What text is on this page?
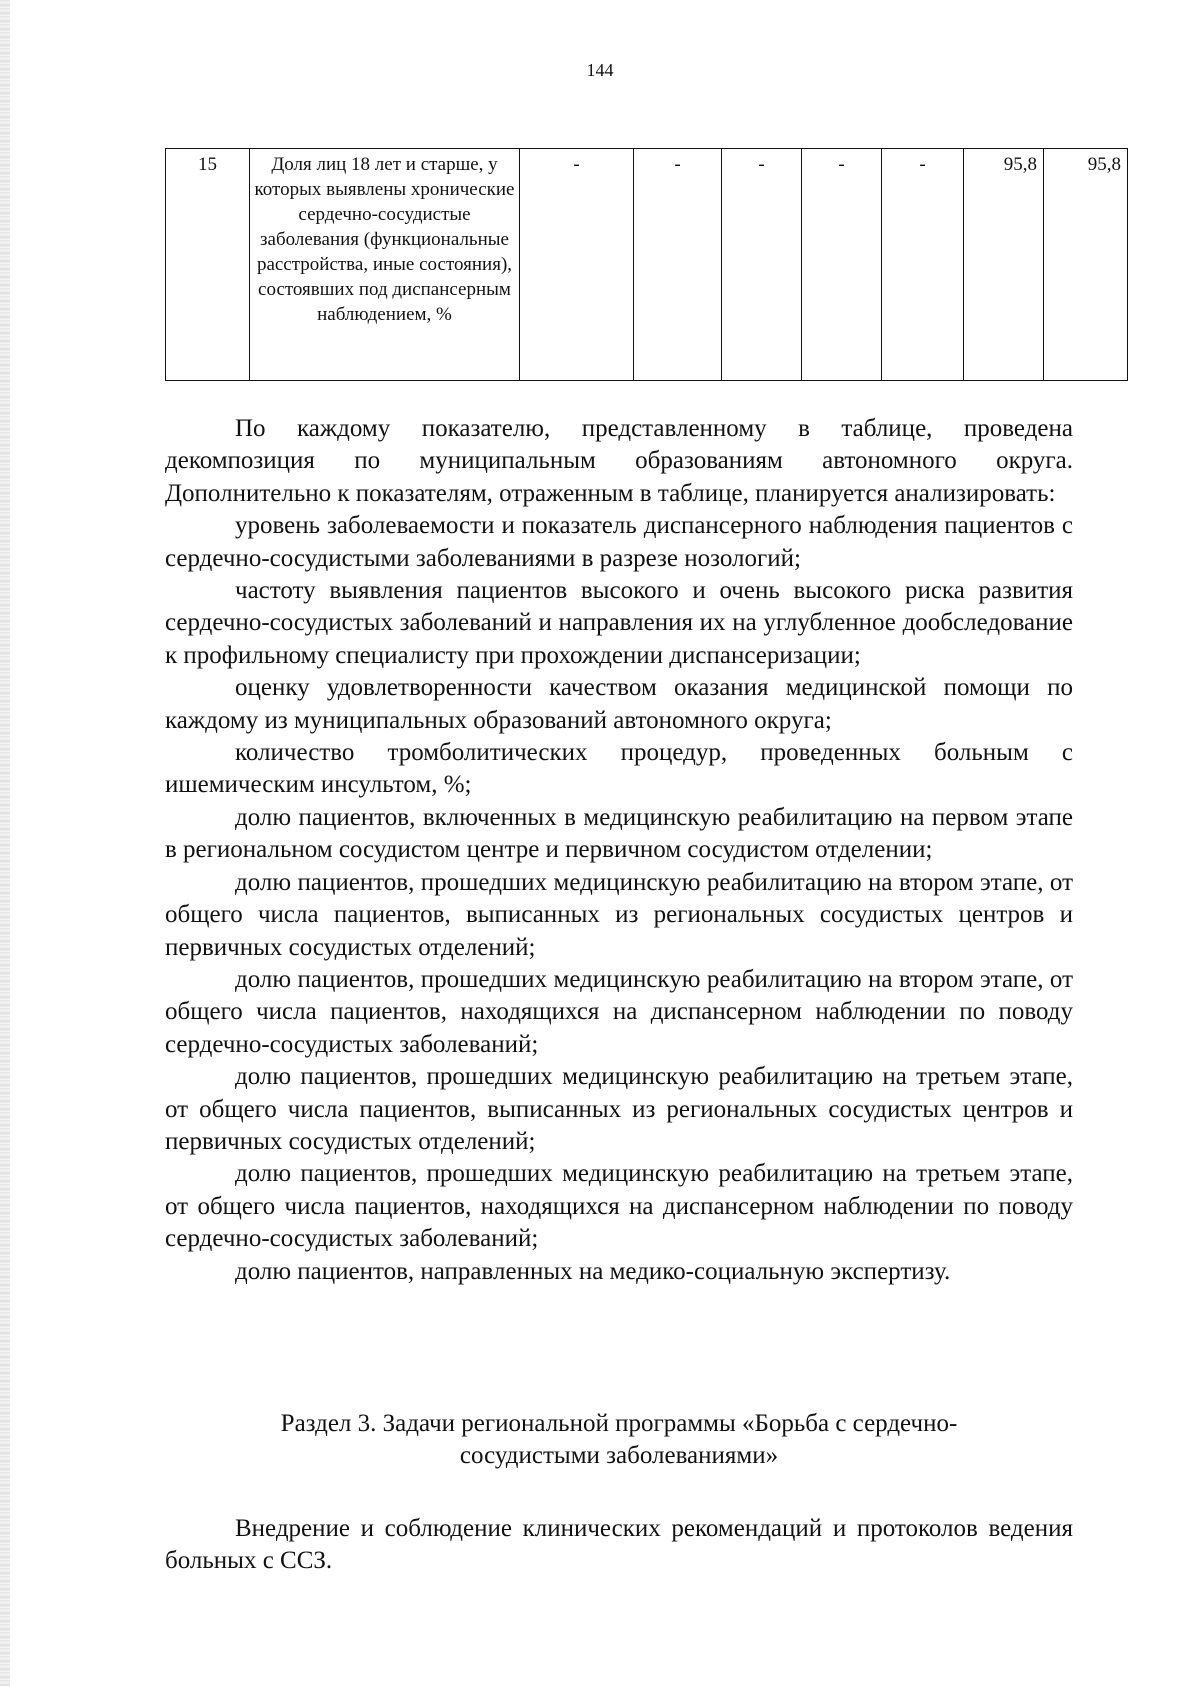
144
15	Доля лиц 18 лет и старше, у которых выявлены хронические сердечно-сосудистые заболевания (функциональные расстройства, иные состояния), состоявших под диспансерным наблюдением, %	-	-	-	-	-	95,8	95,8

По каждому показателю, представленному в таблице, проведена декомпозиция по муниципальным образованиям автономного округа. Дополнительно к показателям, отраженным в таблице, планируется анализировать:

уровень заболеваемости и показатель диспансерного наблюдения пациентов с сердечно-сосудистыми заболеваниями в разрезе нозологий;

частоту выявления пациентов высокого и очень высокого риска развития сердечно-сосудистых заболеваний и направления их на углубленное дообследование к профильному специалисту при прохождении диспансеризации;

оценку удовлетворенности качеством оказания медицинской помощи по каждому из муниципальных образований автономного округа;

количество тромболитических процедур, проведенных больным с ишемическим инсультом, %;

долю пациентов, включенных в медицинскую реабилитацию на первом этапе в региональном сосудистом центре и первичном сосудистом отделении;

долю пациентов, прошедших медицинскую реабилитацию на втором этапе, от общего числа пациентов, выписанных из региональных сосудистых центров и первичных сосудистых отделений;

долю пациентов, прошедших медицинскую реабилитацию на втором этапе, от общего числа пациентов, находящихся на диспансерном наблюдении по поводу сердечно-сосудистых заболеваний;

долю пациентов, прошедших медицинскую реабилитацию на третьем этапе, от общего числа пациентов, выписанных из региональных сосудистых центров и первичных сосудистых отделений;

долю пациентов, прошедших медицинскую реабилитацию на третьем этапе, от общего числа пациентов, находящихся на диспансерном наблюдении по поводу сердечно-сосудистых заболеваний;

долю пациентов, направленных на медико-социальную экспертизу.

Раздел 3. Задачи региональной программы «Борьба с сердечно-
сосудистыми заболеваниями»

Внедрение и соблюдение клинических рекомендаций и протоколов ведения больных с ССЗ.
